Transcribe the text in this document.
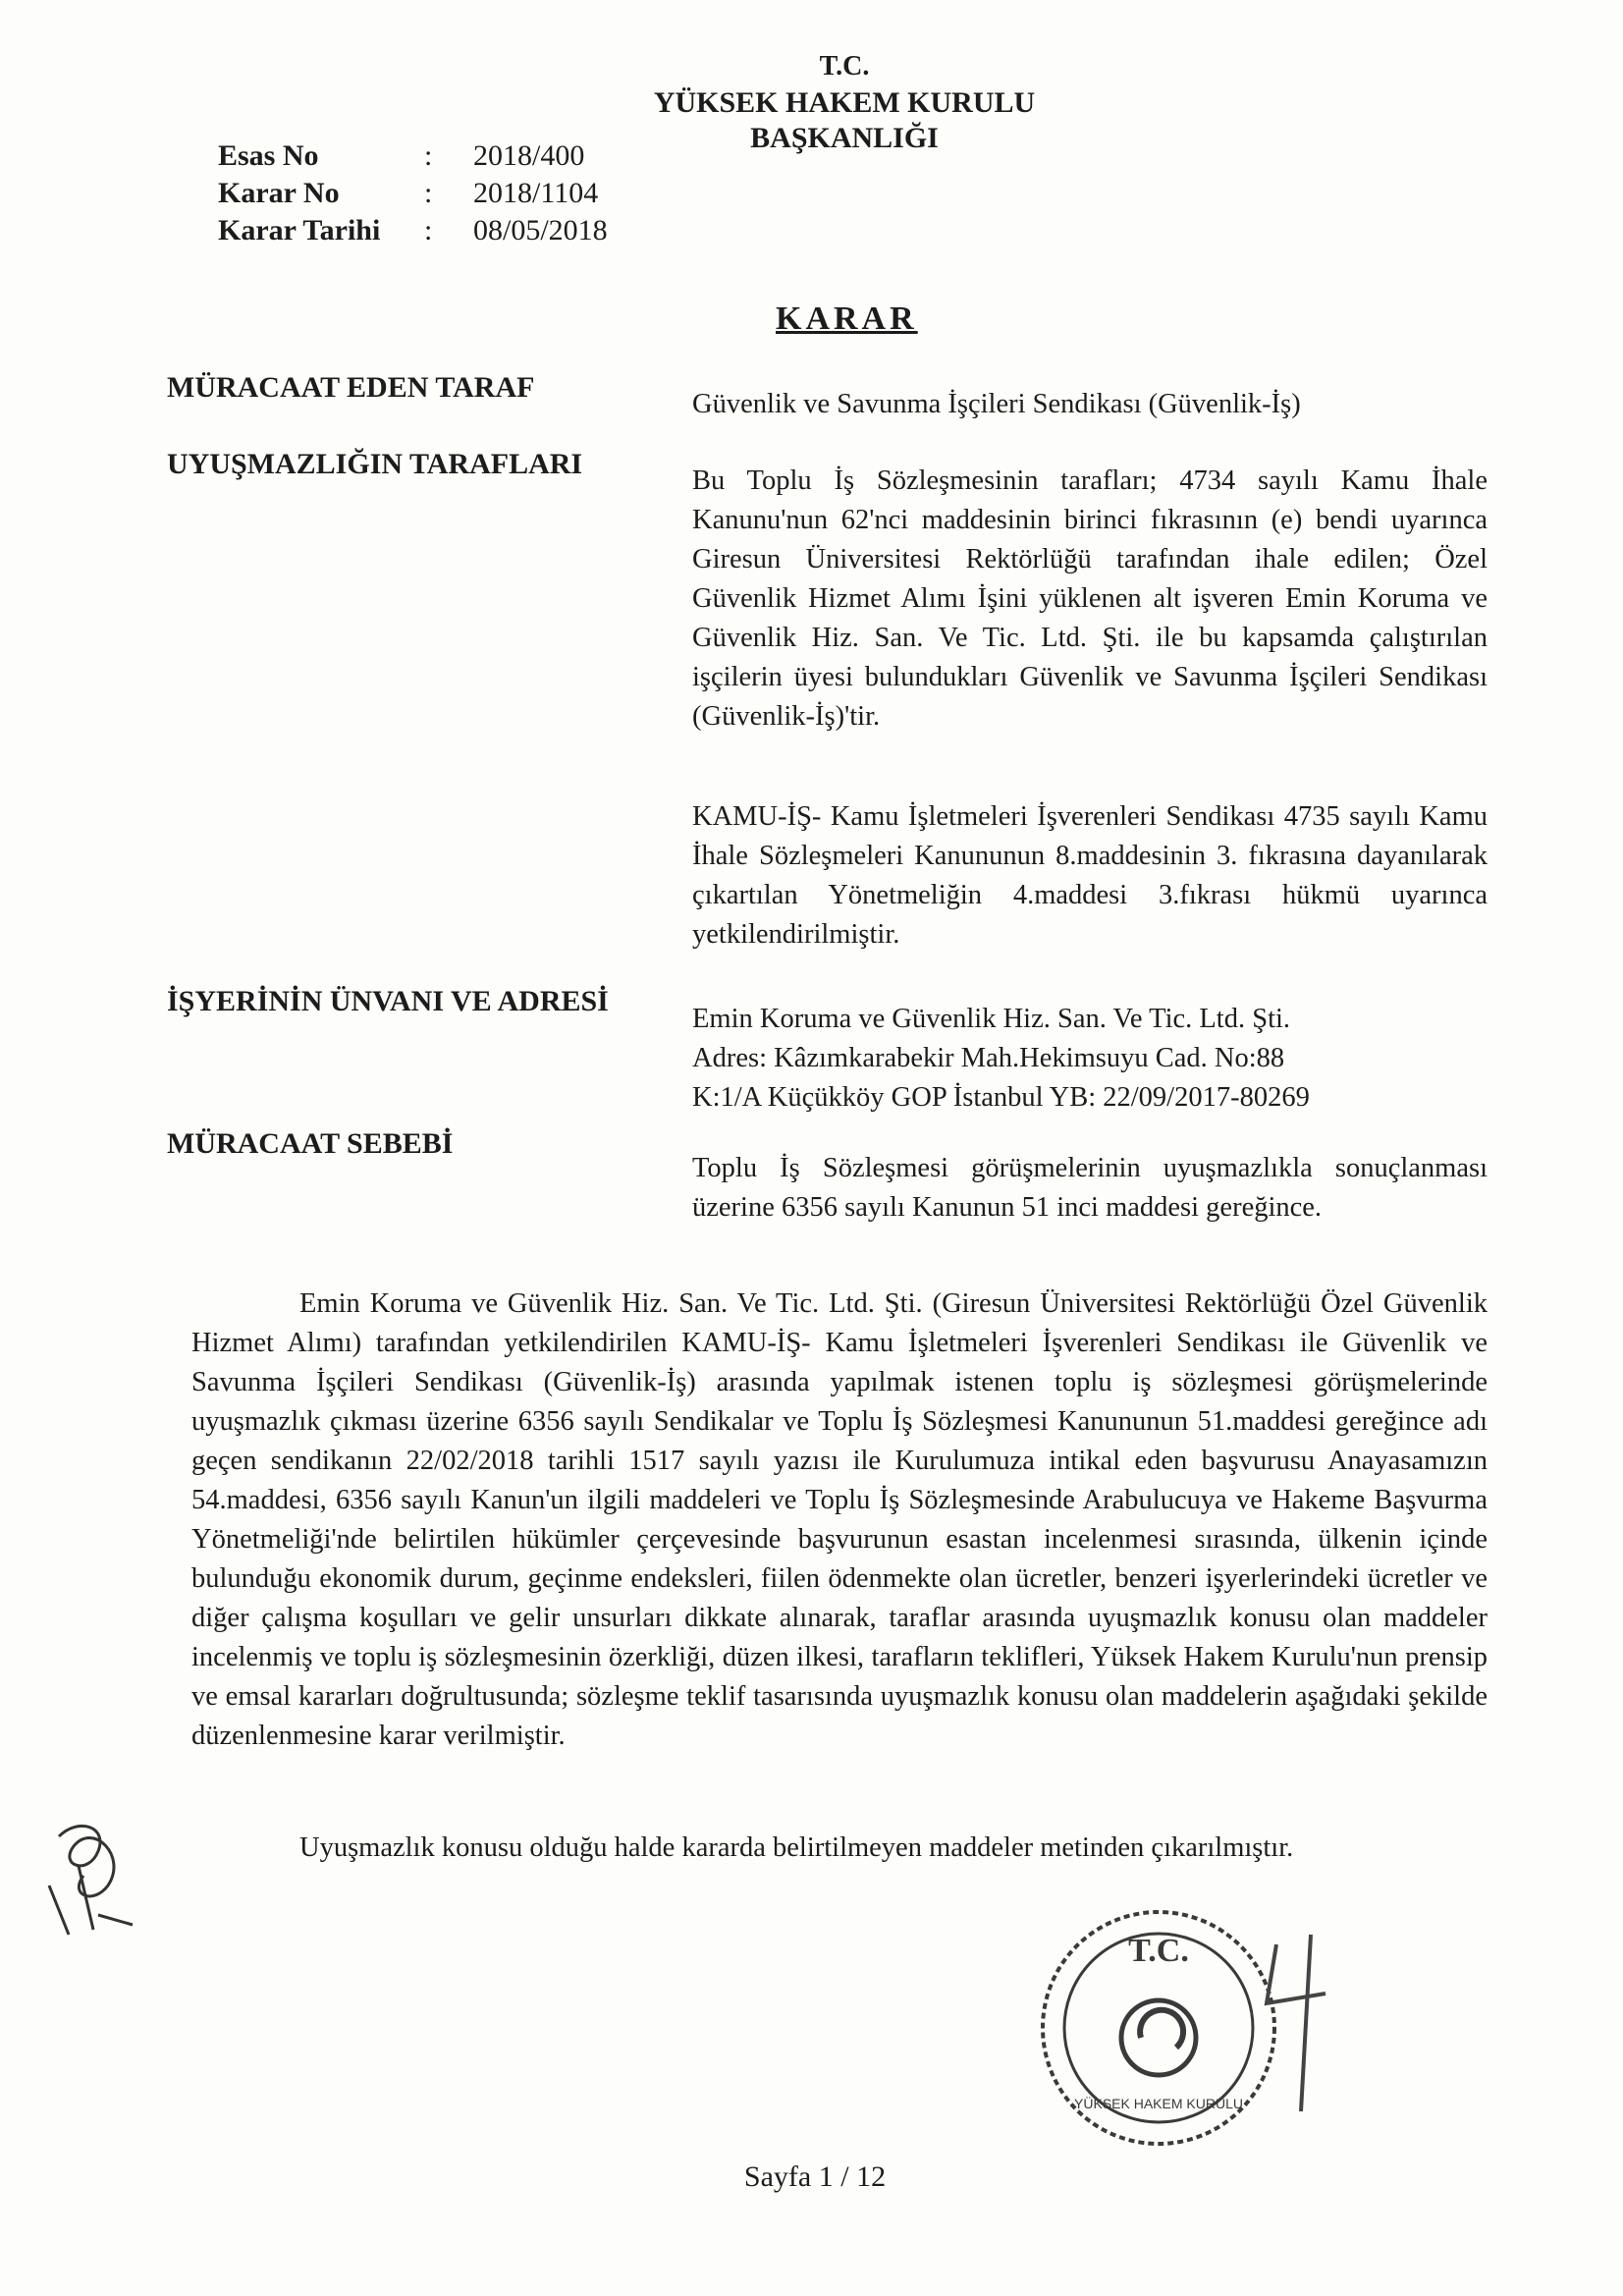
T.C.
YÜKSEK HAKEM KURULU
BAŞKANLIĞI
Esas No	: 2018/400
Karar No	: 2018/1104
Karar Tarihi : 08/05/2018
KARAR
MÜRACAAT EDEN TARAF
Güvenlik ve Savunma İşçileri Sendikası (Güvenlik-İş)
UYUŞMAZLIĞIN TARAFLARI
Bu Toplu İş Sözleşmesinin tarafları; 4734 sayılı Kamu İhale Kanunu'nun 62'nci maddesinin birinci fıkrasının (e) bendi uyarınca Giresun Üniversitesi Rektörlüğü tarafından ihale edilen; Özel Güvenlik Hizmet Alımı İşini yüklenen alt işveren Emin Koruma ve Güvenlik Hiz. San. Ve Tic. Ltd. Şti. ile bu kapsamda çalıştırılan işçilerin üyesi bulundukları Güvenlik ve Savunma İşçileri Sendikası (Güvenlik-İş)'tir.
KAMU-İŞ- Kamu İşletmeleri İşverenleri Sendikası 4735 sayılı Kamu İhale Sözleşmeleri Kanununun 8.maddesinin 3. fıkrasına dayanılarak çıkartılan Yönetmeliğin 4.maddesi 3.fıkrası hükmü uyarınca yetkilendirilmiştir.
İŞYERİNİN ÜNVANI VE ADRESİ
Emin Koruma ve Güvenlik Hiz. San. Ve Tic. Ltd. Şti.
Adres: Kâzımkarabekir Mah.Hekimsuyu Cad. No:88
K:1/A Küçükköy GOP İstanbul YB: 22/09/2017-80269
MÜRACAAT SEBEBİ
Toplu İş Sözleşmesi görüşmelerinin uyuşmazlıkla sonuçlanması üzerine 6356 sayılı Kanunun 51 inci maddesi gereğince.
Emin Koruma ve Güvenlik Hiz. San. Ve Tic. Ltd. Şti. (Giresun Üniversitesi Rektörlüğü Özel Güvenlik Hizmet Alımı) tarafından yetkilendirilen KAMU-İŞ- Kamu İşletmeleri İşverenleri Sendikası ile Güvenlik ve Savunma İşçileri Sendikası (Güvenlik-İş) arasında yapılmak istenen toplu iş sözleşmesi görüşmelerinde uyuşmazlık çıkması üzerine 6356 sayılı Sendikalar ve Toplu İş Sözleşmesi Kanununun 51.maddesi gereğince adı geçen sendikanın 22/02/2018 tarihli 1517 sayılı yazısı ile Kurulumuza intikal eden başvurusu Anayasamızın 54.maddesi, 6356 sayılı Kanun'un ilgili maddeleri ve Toplu İş Sözleşmesinde Arabulucuya ve Hakeme Başvurma Yönetmeliği'nde belirtilen hükümler çerçevesinde başvurunun esastan incelenmesi sırasında, ülkenin içinde bulunduğu ekonomik durum, geçinme endeksleri, fiilen ödenmekte olan ücretler, benzeri işyerlerindeki ücretler ve diğer çalışma koşulları ve gelir unsurları dikkate alınarak, taraflar arasında uyuşmazlık konusu olan maddeler incelenmiş ve toplu iş sözleşmesinin özerkliği, düzen ilkesi, tarafların teklifleri, Yüksek Hakem Kurulu'nun prensip ve emsal kararları doğrultusunda; sözleşme teklif tasarısında uyuşmazlık konusu olan maddelerin aşağıdaki şekilde düzenlenmesine karar verilmiştir.
Uyuşmazlık konusu olduğu halde kararda belirtilmeyen maddeler metinden çıkarılmıştır.
T.C.
YÜKSEK HAKEM KURULU
Sayfa 1 / 12
